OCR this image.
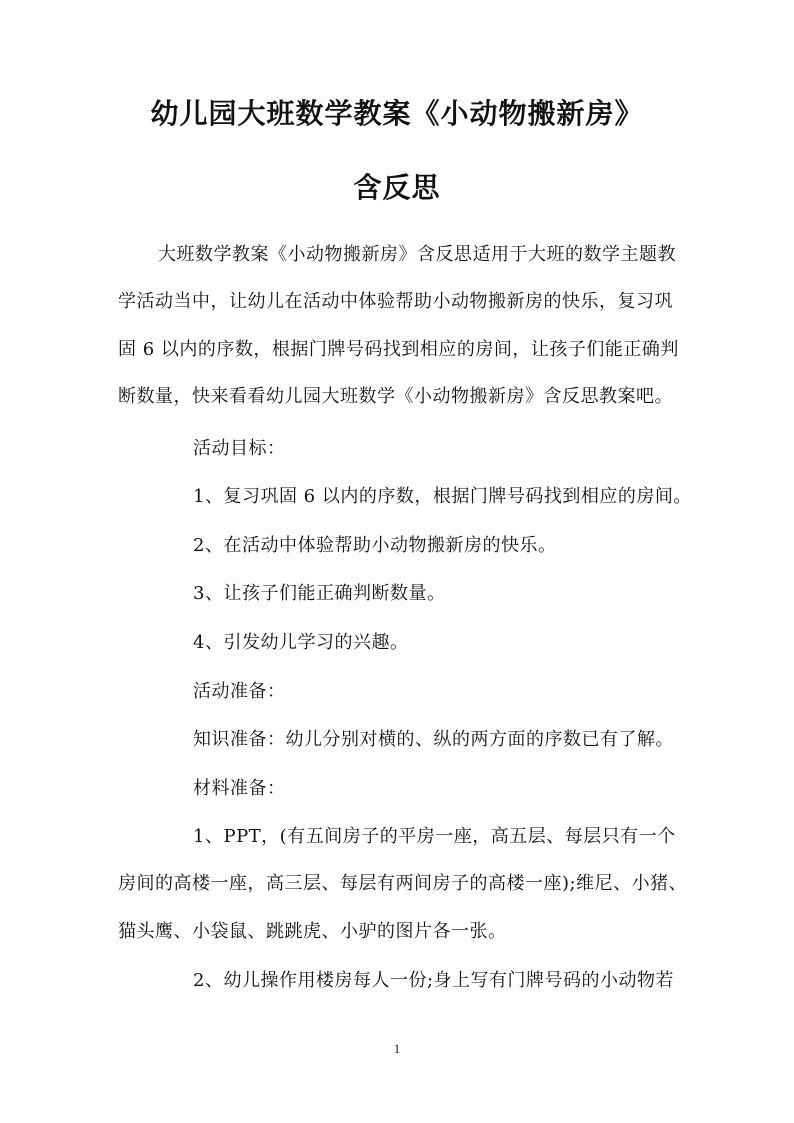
幼儿园大班数学教案《小动物搬新房》
含反思
大班数学教案《小动物搬新房》含反思适用于大班的数学主题教
学活动当中，让幼儿在活动中体验帮助小动物搬新房的快乐，复习巩
固 6 以内的序数，根据门牌号码找到相应的房间，让孩子们能正确判
断数量，快来看看幼儿园大班数学《小动物搬新房》含反思教案吧。
活动目标：
1、复习巩固 6 以内的序数，根据门牌号码找到相应的房间。
2、在活动中体验帮助小动物搬新房的快乐。
3、让孩子们能正确判断数量。
4、引发幼儿学习的兴趣。
活动准备：
知识准备：幼儿分别对横的、纵的两方面的序数已有了解。
材料准备：
1、PPT，(有五间房子的平房一座，高五层、每层只有一个
房间的高楼一座，高三层、每层有两间房子的高楼一座);维尼、小猪、
猫头鹰、小袋鼠、跳跳虎、小驴的图片各一张。
2、幼儿操作用楼房每人一份;身上写有门牌号码的小动物若
1
